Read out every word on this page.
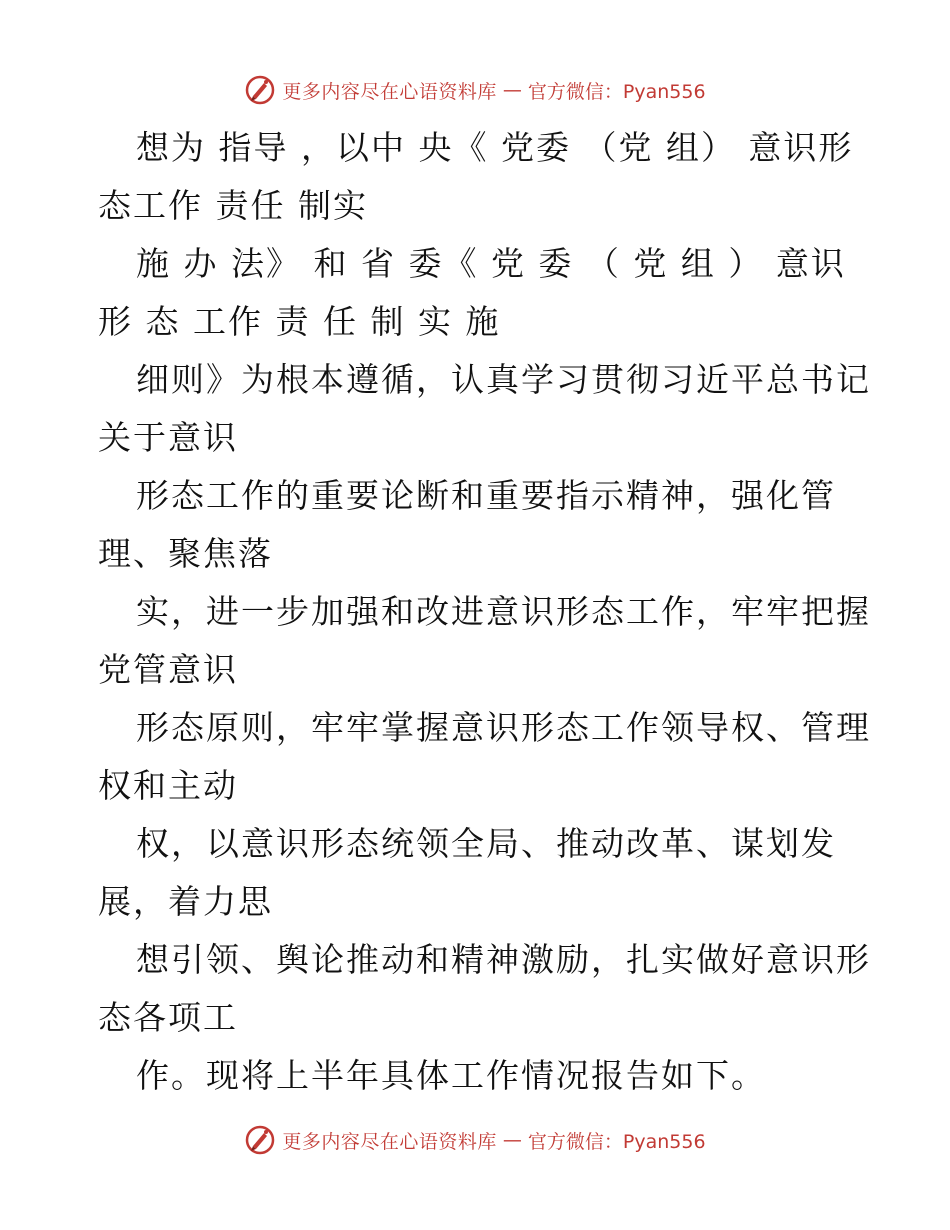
更多内容尽在心语资料库 — 官方微信：Pyan556
想为 指导 ，以中 央《 党委 （党 组） 意识形
态工作 责任 制实
施 办 法》 和 省 委《 党 委 （ 党 组 ） 意识
形 态 工作 责 任 制 实 施
细则》为根本遵循，认真学习贯彻习近平总书记
关于意识
形态工作的重要论断和重要指示精神，强化管
理、聚焦落
实，进一步加强和改进意识形态工作，牢牢把握
党管意识
形态原则，牢牢掌握意识形态工作领导权、管理
权和主动
权，以意识形态统领全局、推动改革、谋划发
展，着力思
想引领、舆论推动和精神激励，扎实做好意识形
态各项工
作。现将上半年具体工作情况报告如下。
更多内容尽在心语资料库 — 官方微信：Pyan556
